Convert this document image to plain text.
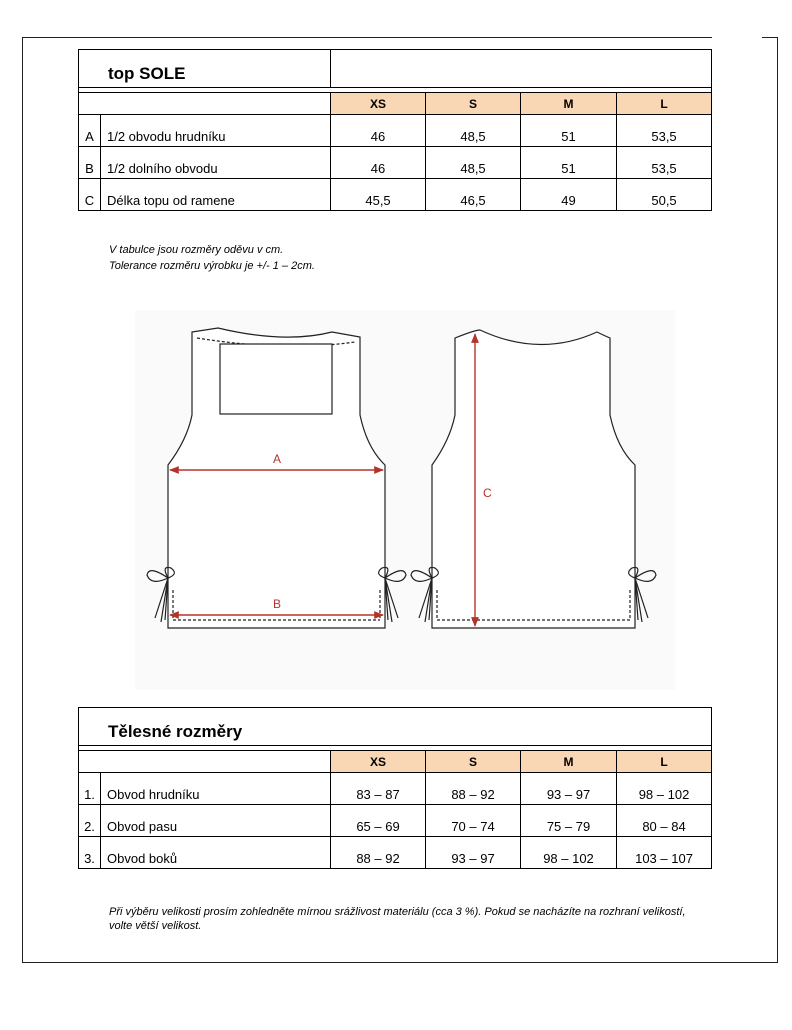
top SOLE					

		XS	S	M	L
A	1/2 obvodu hrudníku	46	48,5	51	53,5
B	1/2 dolního obvodu	46	48,5	51	53,5
C	Délka topu od ramene	45,5	46,5	49	50,5
V tabulce jsou rozměry oděvu v cm.
Tolerance rozměru výrobku je +/- 1 – 2cm.
A
B
C
Tělesné rozměry					

		XS	S	M	L
1.	Obvod hrudníku	83 – 87	88 – 92	93 – 97	98 – 102
2.	Obvod pasu	65 – 69	70 – 74	75 – 79	80 – 84
3.	Obvod boků	88 – 92	93 – 97	98 – 102	103 – 107
Při výběru velikosti prosím zohledněte mírnou srážlivost materiálu (cca 3 %). Pokud se nacházíte na rozhraní velikostí, volte větší velikost.
